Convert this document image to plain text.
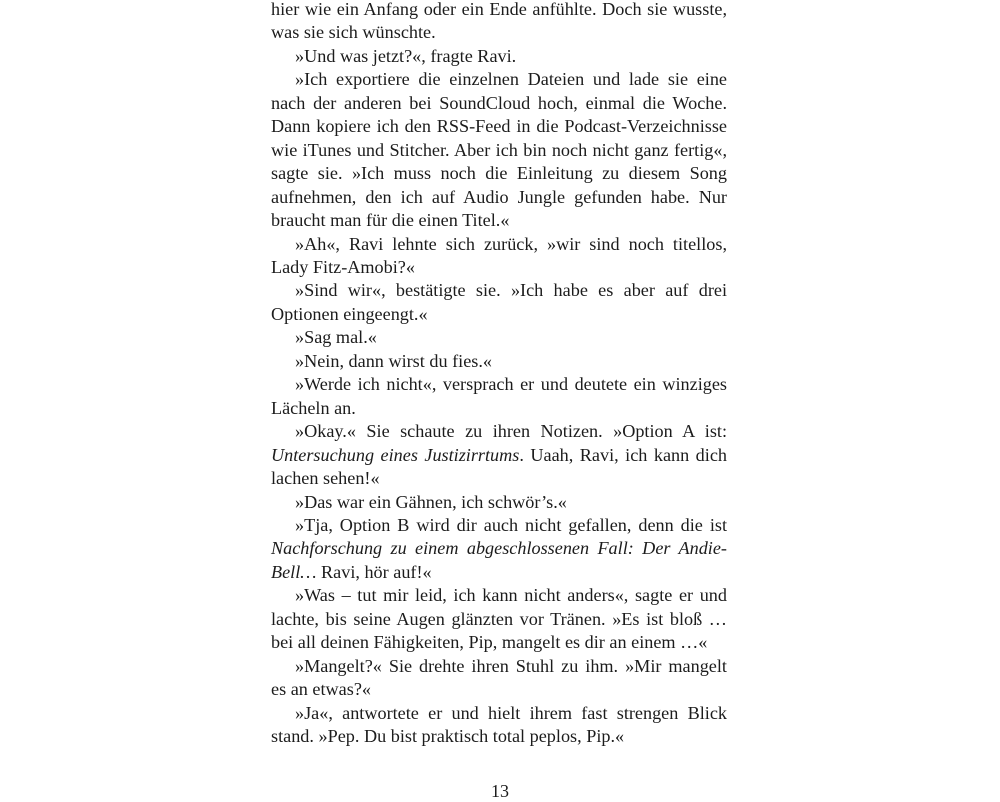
hier wie ein Anfang oder ein Ende anfühlte. Doch sie wusste, was sie sich wünschte.

»Und was jetzt?«, fragte Ravi.

»Ich exportiere die einzelnen Dateien und lade sie eine nach der anderen bei SoundCloud hoch, einmal die Woche. Dann kopiere ich den RSS-Feed in die Podcast-Verzeichnisse wie iTunes und Stitcher. Aber ich bin noch nicht ganz fertig«, sagte sie. »Ich muss noch die Einleitung zu diesem Song aufnehmen, den ich auf Audio Jungle gefunden habe. Nur braucht man für die einen Titel.«

»Ah«, Ravi lehnte sich zurück, »wir sind noch titellos, Lady Fitz-Amobi?«

»Sind wir«, bestätigte sie. »Ich habe es aber auf drei Optionen eingeengt.«

»Sag mal.«

»Nein, dann wirst du fies.«

»Werde ich nicht«, versprach er und deutete ein winziges Lächeln an.

»Okay.« Sie schaute zu ihren Notizen. »Option A ist: Untersuchung eines Justizirrtums. Uaah, Ravi, ich kann dich lachen sehen!«

»Das war ein Gähnen, ich schwör’s.«

»Tja, Option B wird dir auch nicht gefallen, denn die ist Nachforschung zu einem abgeschlossenen Fall: Der Andie-Bell… Ravi, hör auf!«

»Was – tut mir leid, ich kann nicht anders«, sagte er und lachte, bis seine Augen glänzten vor Tränen. »Es ist bloß … bei all deinen Fähigkeiten, Pip, mangelt es dir an einem …«

»Mangelt?« Sie drehte ihren Stuhl zu ihm. »Mir mangelt es an etwas?«

»Ja«, antwortete er und hielt ihrem fast strengen Blick stand. »Pep. Du bist praktisch total peplos, Pip.«

13
